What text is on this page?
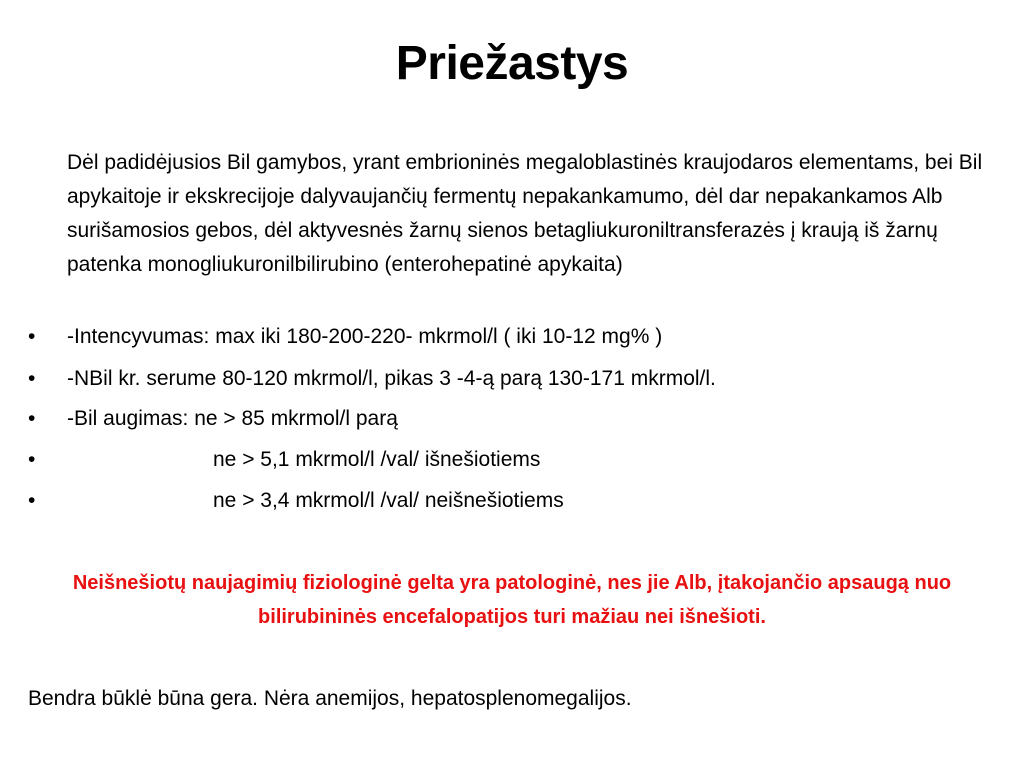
Priežastys
Dėl padidėjusios Bil gamybos, yrant embrioninės megaloblastinės kraujodaros elementams, bei Bil apykaitoje ir ekskrecijoje dalyvaujančių fermentų nepakankamumo, dėl dar nepakankamos Alb surišamosios gebos, dėl aktyvesnės žarnų sienos betagliukuroniltransferazės į kraują iš žarnų patenka monogliukuronilbilirubino (enterohepatinė apykaita)
•	-Intencyvumas: max iki 180-200-220- mkrmol/l ( iki 10-12 mg% )
•	-NBil kr. serume 80-120 mkrmol/l, pikas 3 -4-ą parą 130-171 mkrmol/l.
•	-Bil augimas: ne > 85 mkrmol/l parą
•	ne > 5,1 mkrmol/l /val/ išnešiotiems
•	ne > 3,4 mkrmol/l /val/ neišnešiotiems
Neišnešiotų naujagimių fiziologinė gelta yra patologinė, nes jie Alb, įtakojančio apsaugą nuo bilirubininės encefalopatijos turi mažiau nei išnešioti.
Bendra būklė būna gera. Nėra anemijos, hepatosplenomegalijos.
